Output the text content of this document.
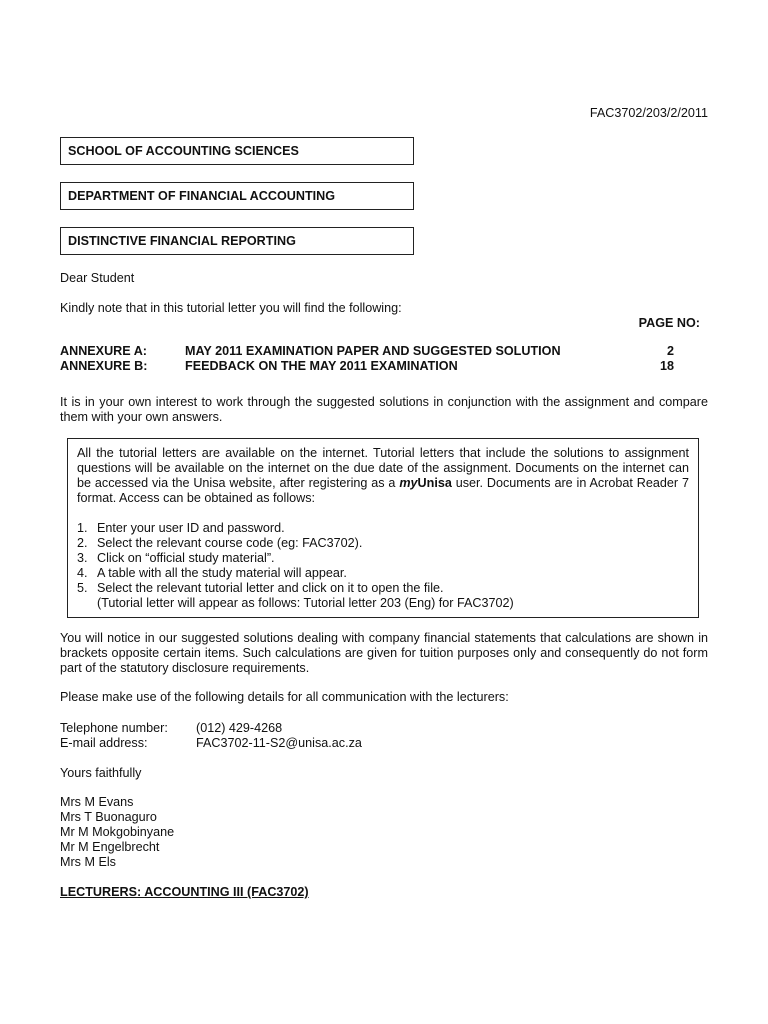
FAC3702/203/2/2011
SCHOOL OF ACCOUNTING SCIENCES
DEPARTMENT OF FINANCIAL ACCOUNTING
DISTINCTIVE FINANCIAL REPORTING
Dear Student
Kindly note that in this tutorial letter you will find the following:
PAGE NO:
ANNEXURE A:	MAY 2011 EXAMINATION PAPER AND SUGGESTED SOLUTION	2
ANNEXURE B:	FEEDBACK ON THE MAY 2011 EXAMINATION	18
It is in your own interest to work through the suggested solutions in conjunction with the assignment and compare them with your own answers.
All the tutorial letters are available on the internet. Tutorial letters that include the solutions to assignment questions will be available on the internet on the due date of the assignment. Documents on the internet can be accessed via the Unisa website, after registering as a myUnisa user. Documents are in Acrobat Reader 7 format. Access can be obtained as follows:
1. Enter your user ID and password.
2. Select the relevant course code (eg: FAC3702).
3. Click on “official study material”.
4. A table with all the study material will appear.
5. Select the relevant tutorial letter and click on it to open the file.
(Tutorial letter will appear as follows: Tutorial letter 203 (Eng) for FAC3702)
You will notice in our suggested solutions dealing with company financial statements that calculations are shown in brackets opposite certain items. Such calculations are given for tuition purposes only and consequently do not form part of the statutory disclosure requirements.
Please make use of the following details for all communication with the lecturers:
Telephone number: (012) 429-4268
E-mail address:	FAC3702-11-S2@unisa.ac.za
Yours faithfully
Mrs M Evans
Mrs T Buonaguro
Mr M Mokgobinyane
Mr M Engelbrecht
Mrs M Els
LECTURERS: ACCOUNTING III (FAC3702)
